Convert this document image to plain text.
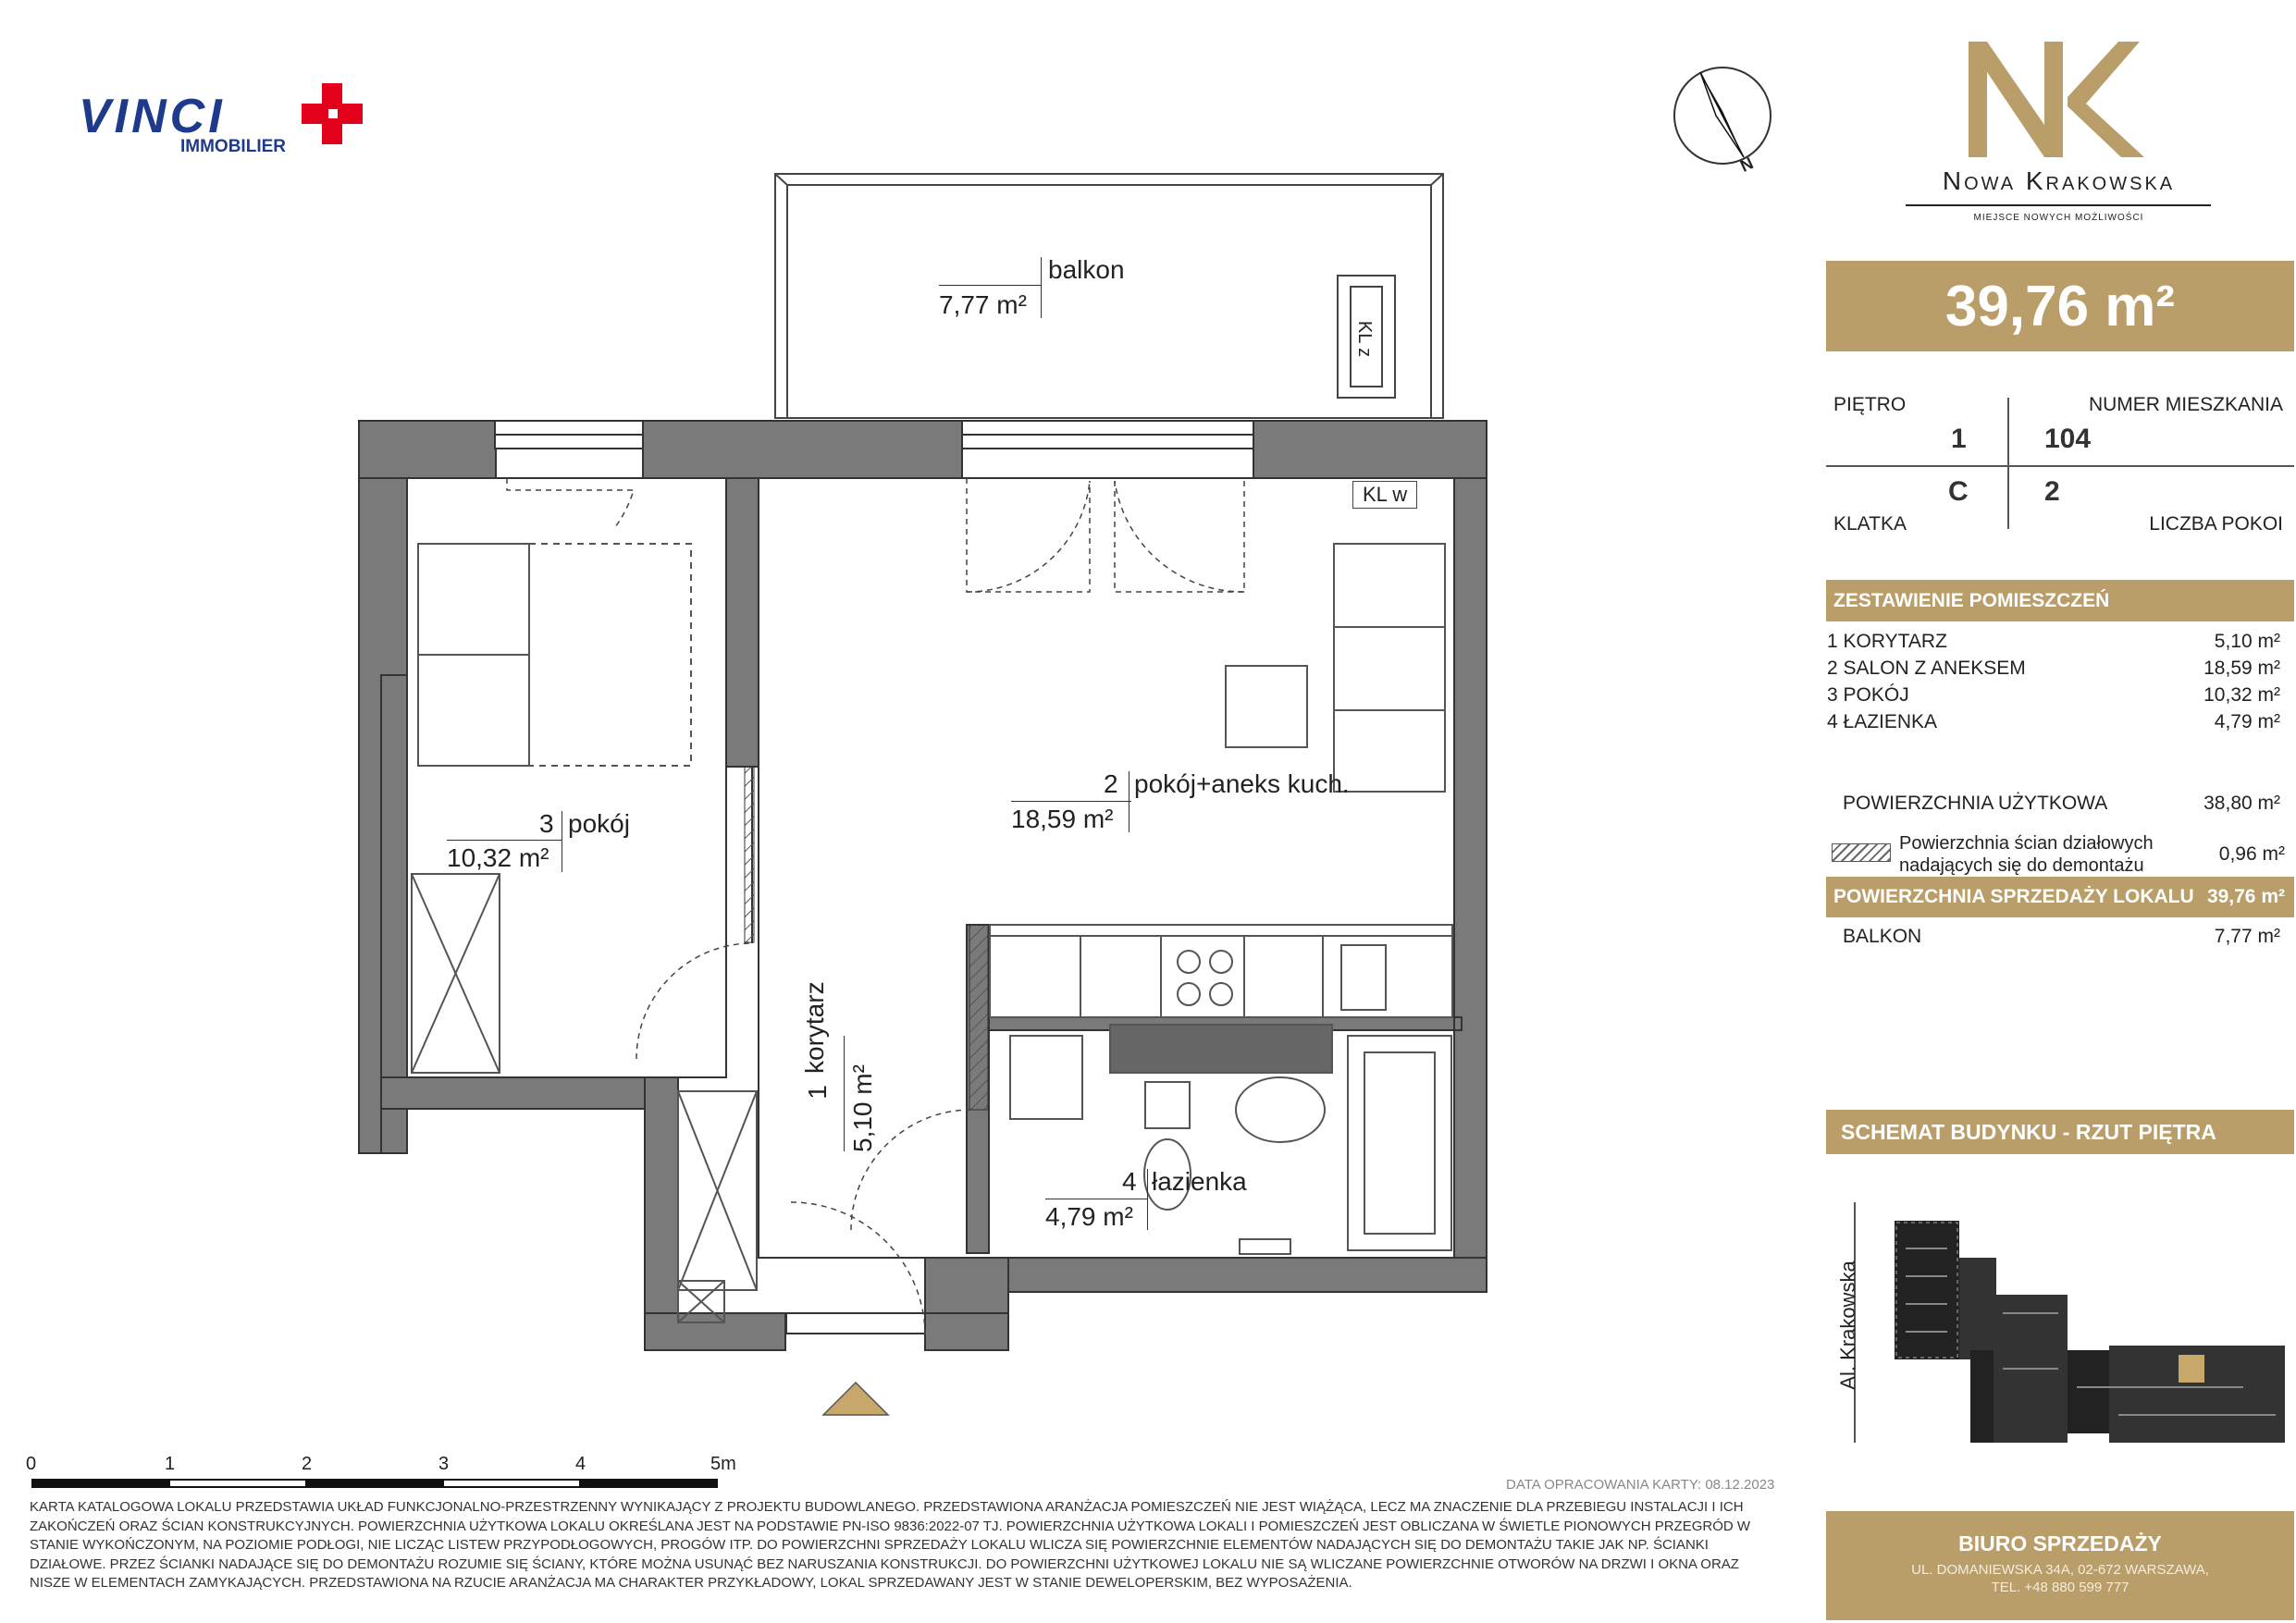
VINCI
IMMOBILIER
Nowa Krakowska
MIEJSCE NOWYCH MOŻLIWOŚCI
N
39,76 m²
PIĘTRO	NUMER MIESZKANIA
1	104
C	2
KLATKA	LICZBA POKOI
ZESTAWIENIE POMIESZCZEŃ
1 KORYTARZ	5,10 m²
2 SALON Z ANEKSEM	18,59 m²
3 POKÓJ	10,32 m²
4 ŁAZIENKA	4,79 m²
POWIERZCHNIA UŻYTKOWA	38,80 m²
Powierzchnia ścian działowych
nadających się do demontażu
0,96 m²
POWIERZCHNIA SPRZEDAŻY LOKALU 39,76 m²
BALKON	7,77 m²
SCHEMAT BUDYNKU - RZUT PIĘTRA
Al. Krakowska
BIURO SPRZEDAŻY
UL. DOMANIEWSKA 34A, 02-672 WARSZAWA,
TEL. +48 880 599 777
balkon
7,77 m²
KL z
KL w
2 pokój+aneks kuch.
18,59 m²
3 pokój
10,32 m²
1
korytarz
5,10 m²
4 łazienka
4,79 m²
0	1	2	3	4	5m
DATA OPRACOWANIA KARTY: 08.12.2023
KARTA KATALOGOWA LOKALU PRZEDSTAWIA UKŁAD FUNKCJONALNO-PRZESTRZENNY WYNIKAJĄCY Z PROJEKTU BUDOWLANEGO. PRZEDSTAWIONA ARANŻACJA POMIESZCZEŃ NIE JEST WIĄŻĄCA, LECZ MA ZNACZENIE DLA PRZEBIEGU INSTALACJI I ICH
ZAKOŃCZEŃ ORAZ ŚCIAN KONSTRUKCYJNYCH. POWIERZCHNIA UŻYTKOWA LOKALU OKREŚLANA JEST NA PODSTAWIE PN-ISO 9836:2022-07 TJ. POWIERZCHNIA UŻYTKOWA LOKALI I POMIESZCZEŃ JEST OBLICZANA W ŚWIETLE PIONOWYCH PRZEGRÓD W
STANIE WYKOŃCZONYM, NA POZIOMIE PODŁOGI, NIE LICZĄC LISTEW PRZYPODŁOGOWYCH, PROGÓW ITP. DO POWIERZCHNI SPRZEDAŻY LOKALU WLICZA SIĘ POWIERZCHNIE ELEMENTÓW NADAJĄCYCH SIĘ DO DEMONTAŻU TAKIE JAK NP. ŚCIANKI
DZIAŁOWE. PRZEZ ŚCIANKI NADAJĄCE SIĘ DO DEMONTAŻU ROZUMIE SIĘ ŚCIANY, KTÓRE MOŻNA USUNĄĆ BEZ NARUSZANIA KONSTRUKCJI. DO POWIERZCHNI UŻYTKOWEJ LOKALU NIE SĄ WLICZANE POWIERZCHNIE OTWORÓW NA DRZWI I OKNA ORAZ
NISZE W ELEMENTACH ZAMYKAJĄCYCH. PRZEDSTAWIONA NA RZUCIE ARANŻACJA MA CHARAKTER PRZYKŁADOWY, LOKAL SPRZEDAWANY JEST W STANIE DEWELOPERSKIM, BEZ WYPOSAŻENIA.
